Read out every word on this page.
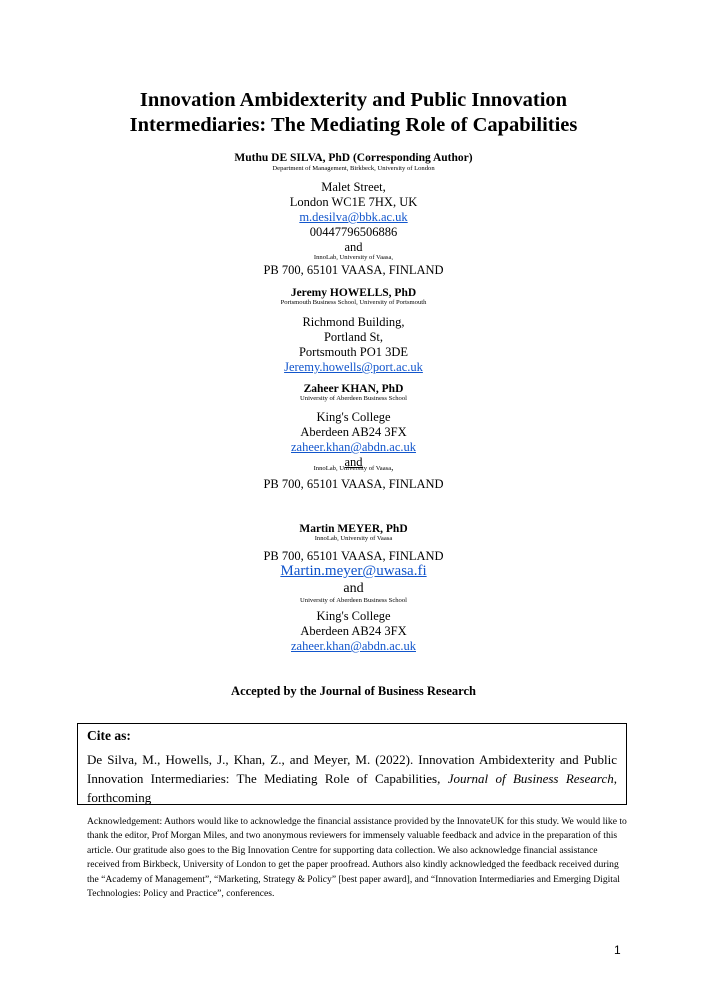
Innovation Ambidexterity and Public Innovation
Intermediaries: The Mediating Role of Capabilities
Muthu DE SILVA, PhD (Corresponding Author)
Department of Management, Birkbeck, University of London
Malet Street,
London WC1E 7HX, UK
m.desilva@bbk.ac.uk
00447796506886
and
InnoLab, University of Vaasa,
PB 700, 65101 VAASA, FINLAND
Jeremy HOWELLS, PhD
Portsmouth Business School, University of Portsmouth
Richmond Building,
Portland St,
Portsmouth PO1 3DE
Jeremy.howells@port.ac.uk
Zaheer KHAN, PhD
University of Aberdeen Business School
King's College
Aberdeen AB24 3FX
zaheer.khan@abdn.ac.uk
and
InnoLab, University of Vaasa,
PB 700, 65101 VAASA, FINLAND
Martin MEYER, PhD
InnoLab, University of Vaasa
PB 700, 65101 VAASA, FINLAND
Martin.meyer@uwasa.fi
and
University of Aberdeen Business School
King's College
Aberdeen AB24 3FX
zaheer.khan@abdn.ac.uk
Accepted by the Journal of Business Research
Cite as:
De Silva, M., Howells, J., Khan, Z., and Meyer, M. (2022). Innovation Ambidexterity and Public Innovation Intermediaries: The Mediating Role of Capabilities, Journal of Business Research, forthcoming
Acknowledgement: Authors would like to acknowledge the financial assistance provided by the InnovateUK for this study. We would like to thank the editor, Prof Morgan Miles, and two anonymous reviewers for immensely valuable feedback and advice in the preparation of this article. Our gratitude also goes to the Big Innovation Centre for supporting data collection. We also acknowledge financial assistance received from Birkbeck, University of London to get the paper proofread. Authors also kindly acknowledged the feedback received during the “Academy of Management”, “Marketing, Strategy & Policy” [best paper award], and “Innovation Intermediaries and Emerging Digital Technologies: Policy and Practice”, conferences.
1
